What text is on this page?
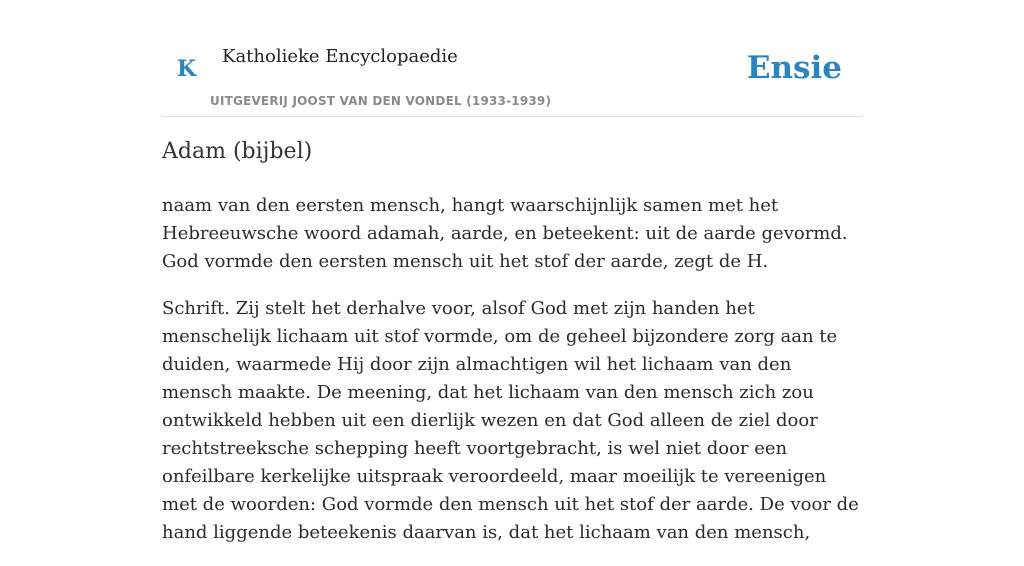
K Katholieke Encyclopaedie
UITGEVERIJ JOOST VAN DEN VONDEL (1933-1939)
Ensie
Adam (bijbel)

naam van den eersten mensch, hangt waarschijnlijk samen met het Hebreeuwsche woord adamah, aarde, en beteekent: uit de aarde gevormd. God vormde den eersten mensch uit het stof der aarde, zegt de H.

Schrift. Zij stelt het derhalve voor, alsof God met zijn handen het menschelijk lichaam uit stof vormde, om de geheel bijzondere zorg aan te duiden, waarmede Hij door zijn almachtigen wil het lichaam van den mensch maakte. De meening, dat het lichaam van den mensch zich zou ontwikkeld hebben uit een dierlijk wezen en dat God alleen de ziel door rechtstreeksche schepping heeft voortgebracht, is wel niet door een onfeilbare kerkelijke uitspraak veroordeeld, maar moeilijk te vereenigen met de woorden: God vormde den mensch uit het stof der aarde. De voor de hand liggende beteekenis daarvan is, dat het lichaam van den mensch,
